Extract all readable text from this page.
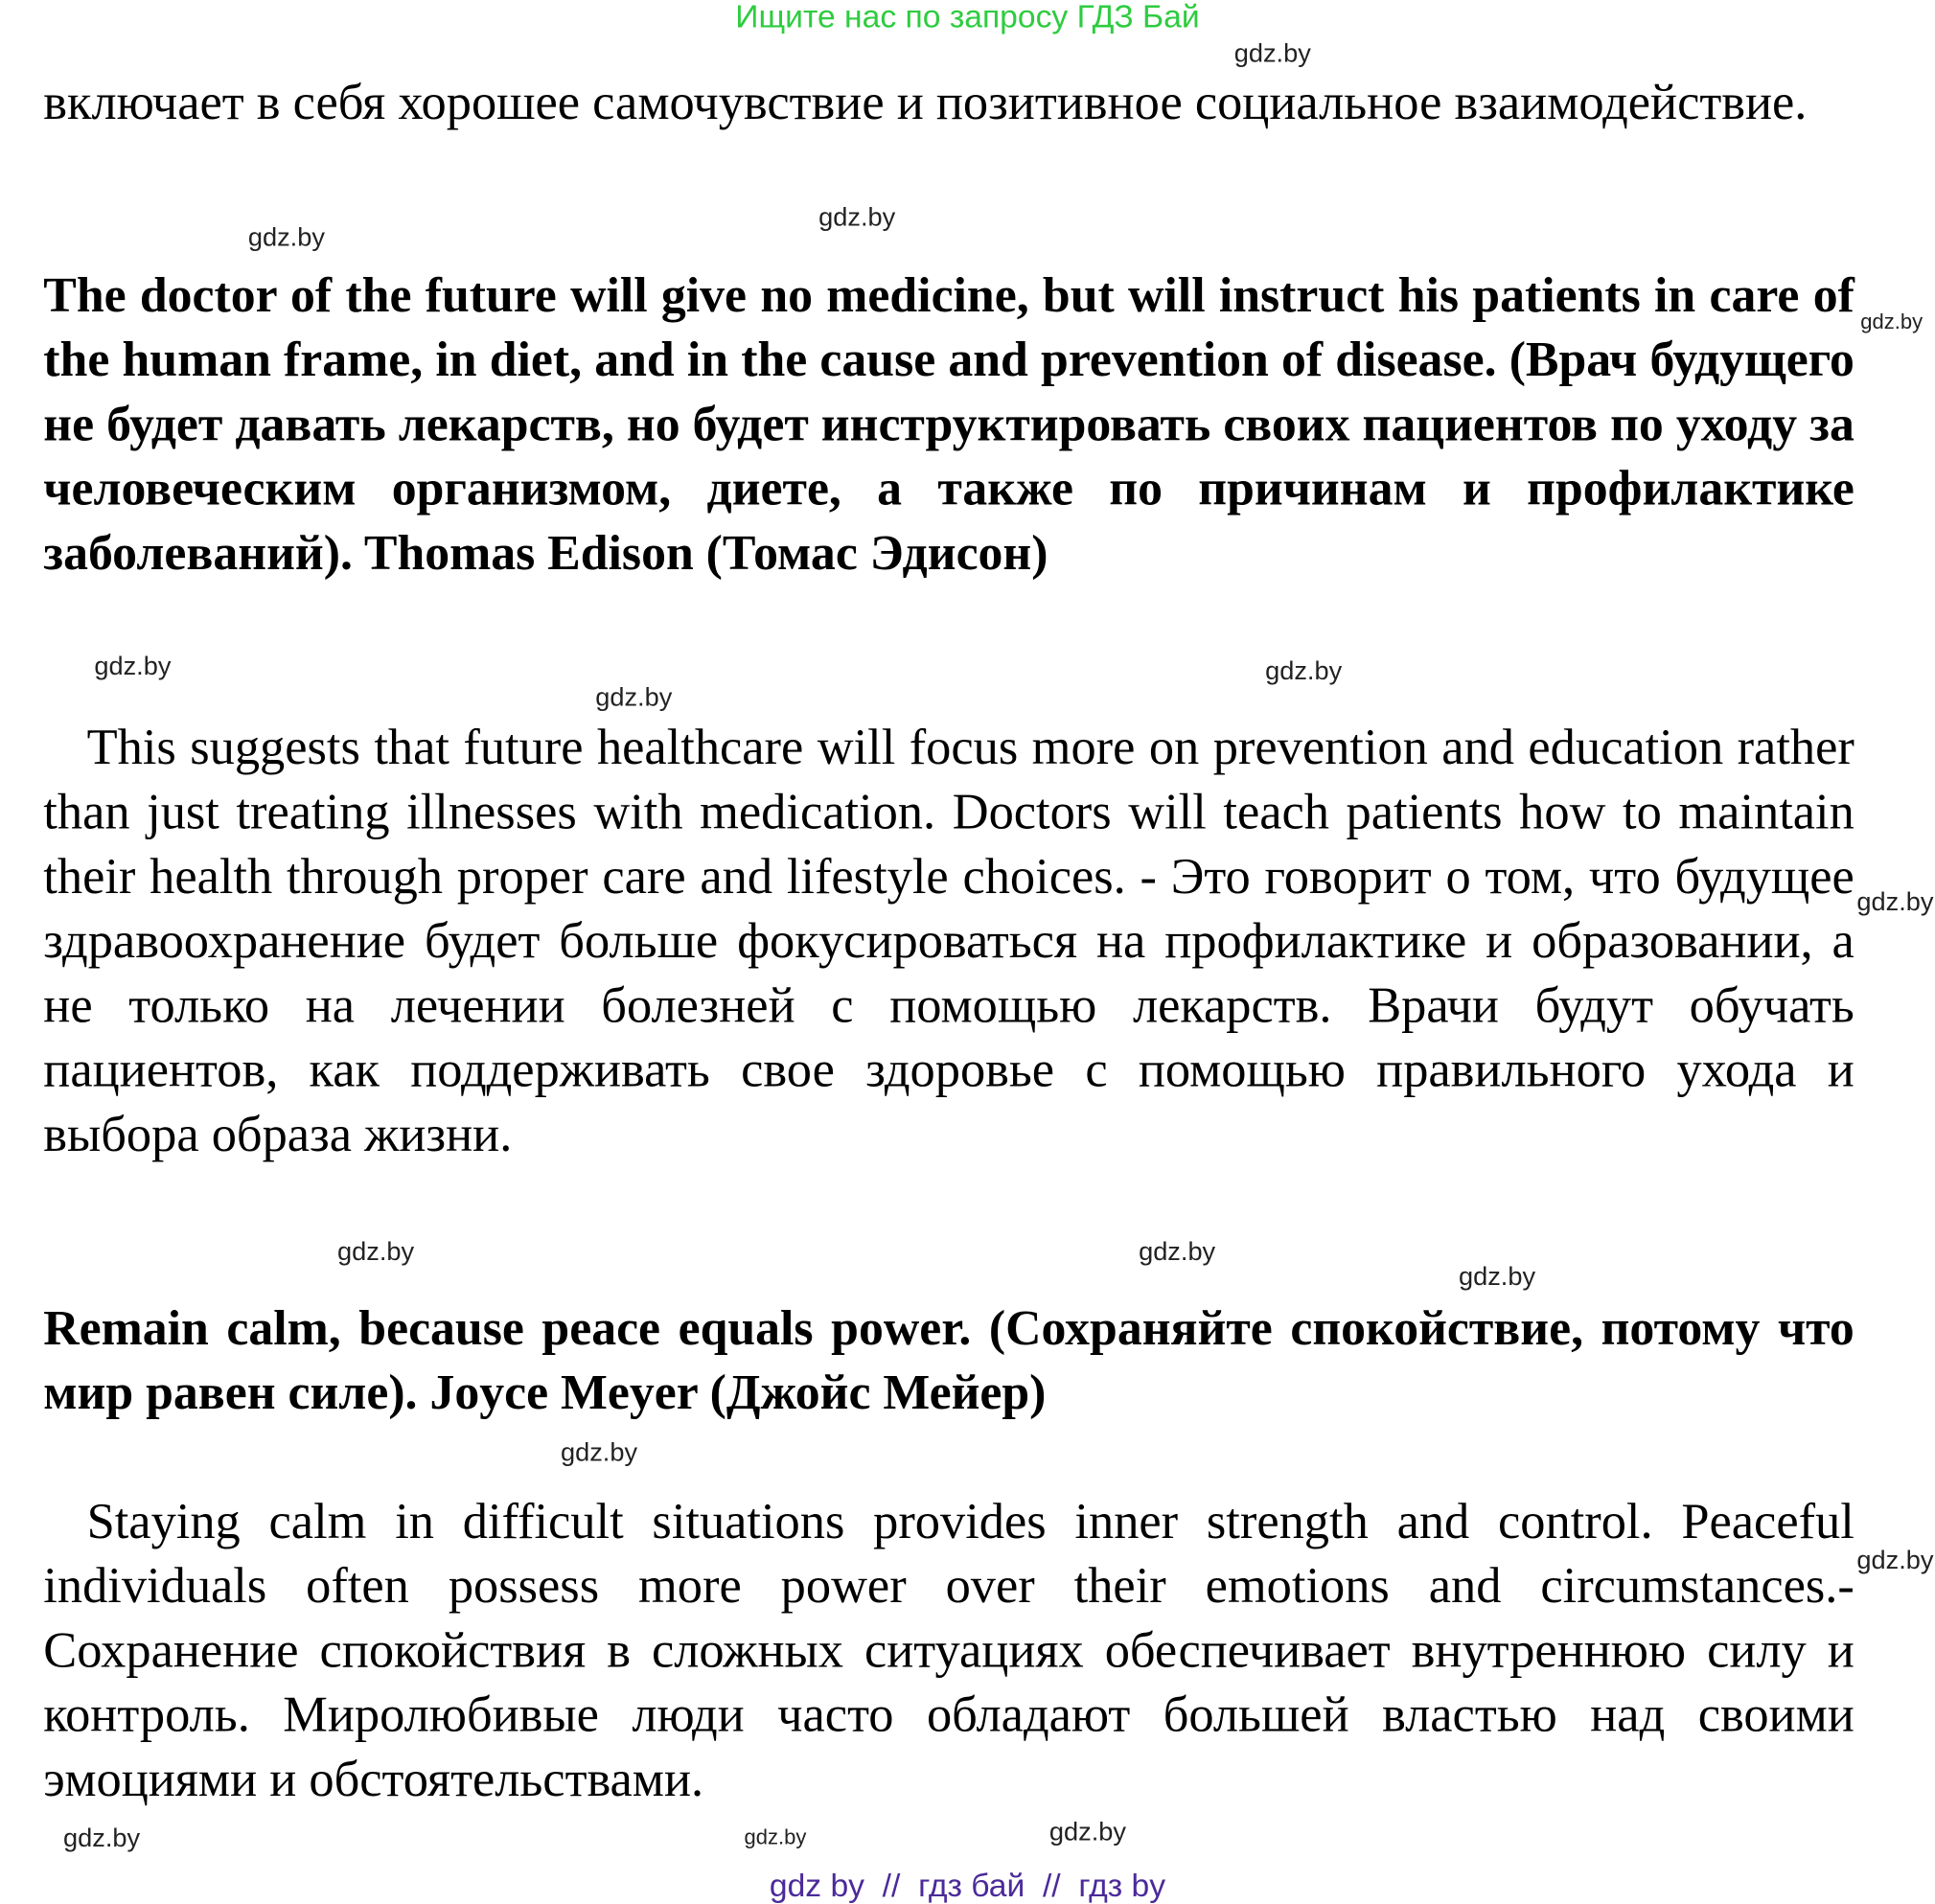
Ищите нас по запросу ГДЗ Бай
включает в себя хорошее самочувствие и позитивное социальное взаимодействие.
The doctor of the future will give no medicine, but will instruct his patients in care of the human frame, in diet, and in the cause and prevention of disease. (Врач будущего не будет давать лекарств, но будет инструктировать своих пациентов по уходу за человеческим организмом, диете, а также по причинам и профилактике заболеваний). Thomas Edison (Томас Эдисон)
This suggests that future healthcare will focus more on prevention and education rather than just treating illnesses with medication. Doctors will teach patients how to maintain their health through proper care and lifestyle choices. - Это говорит о том, что будущее здравоохранение будет больше фокусироваться на профилактике и образовании, а не только на лечении болезней с помощью лекарств. Врачи будут обучать пациентов, как поддерживать свое здоровье с помощью правильного ухода и выбора образа жизни.
Remain calm, because peace equals power. (Сохраняйте спокойствие, потому что мир равен силе). Joyce Meyer (Джойс Мейер)
Staying calm in difficult situations provides inner strength and control. Peaceful individuals often possess more power over their emotions and circumstances.- Сохранение спокойствия в сложных ситуациях обеспечивает внутреннюю силу и контроль. Миролюбивые люди часто обладают большей властью над своими эмоциями и обстоятельствами.
gdz.by
gdz.by
gdz.by
gdz.by
gdz.by
gdz.by
gdz.by
gdz.by
gdz.by
gdz.by
gdz.by
gdz.by
gdz.by
gdz.by	gdz.by
gdz.by
gdz by  //  гдз бай  //  гдз by
